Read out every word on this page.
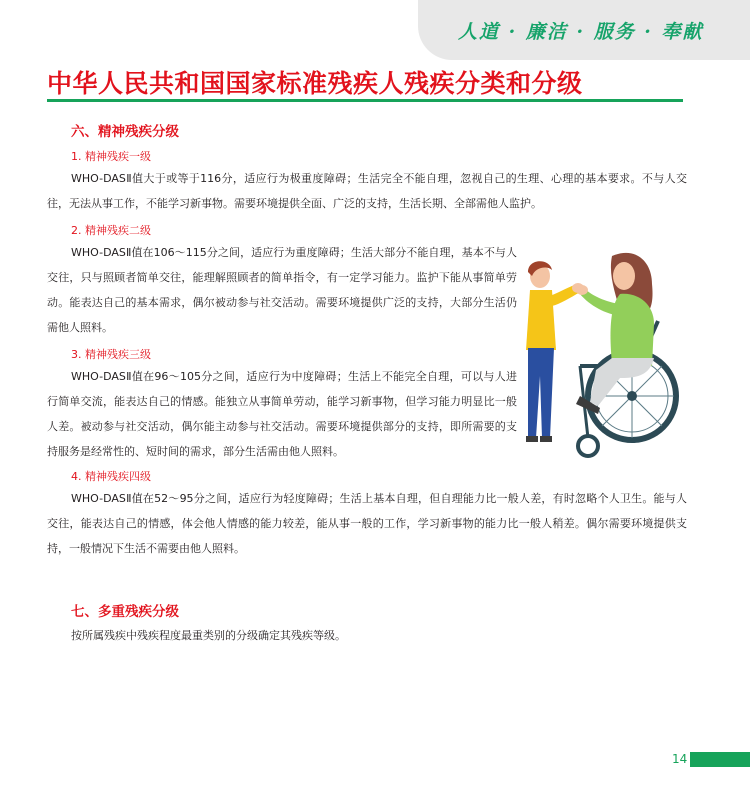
人道 · 廉洁 · 服务 · 奉献
中华人民共和国国家标准残疾人残疾分类和分级
六、精神残疾分级
1. 精神残疾一级

WHO-DASⅡ值大于或等于116分，适应行为极重度障碍；生活完全不能自理，忽视自己的生理、心理的基本要求。不与人交往，无法从事工作，不能学习新事物。需要环境提供全面、广泛的支持，生活长期、全部需他人监护。

2. 精神残疾二级

WHO-DASⅡ值在106～115分之间，适应行为重度障碍；生活大部分不能自理，基本不与人交往，只与照顾者简单交往，能理解照顾者的简单指令，有一定学习能力。监护下能从事简单劳动。能表达自己的基本需求，偶尔被动参与社交活动。需要环境提供广泛的支持，大部分生活仍需他人照料。

3. 精神残疾三级

WHO-DASⅡ值在96～105分之间，适应行为中度障碍；生活上不能完全自理，可以与人进行简单交流，能表达自己的情感。能独立从事简单劳动，能学习新事物，但学习能力明显比一般人差。被动参与社交活动，偶尔能主动参与社交活动。需要环境提供部分的支持，即所需要的支持服务是经常性的、短时间的需求，部分生活需由他人照料。

4. 精神残疾四级

WHO-DASⅡ值在52～95分之间，适应行为轻度障碍；生活上基本自理，但自理能力比一般人差，有时忽略个人卫生。能与人交往，能表达自己的情感，体会他人情感的能力较差，能从事一般的工作，学习新事物的能力比一般人稍差。偶尔需要环境提供支持，一般情况下生活不需要由他人照料。

七、多重残疾分级
按所属残疾中残疾程度最重类别的分级确定其残疾等级。
14
